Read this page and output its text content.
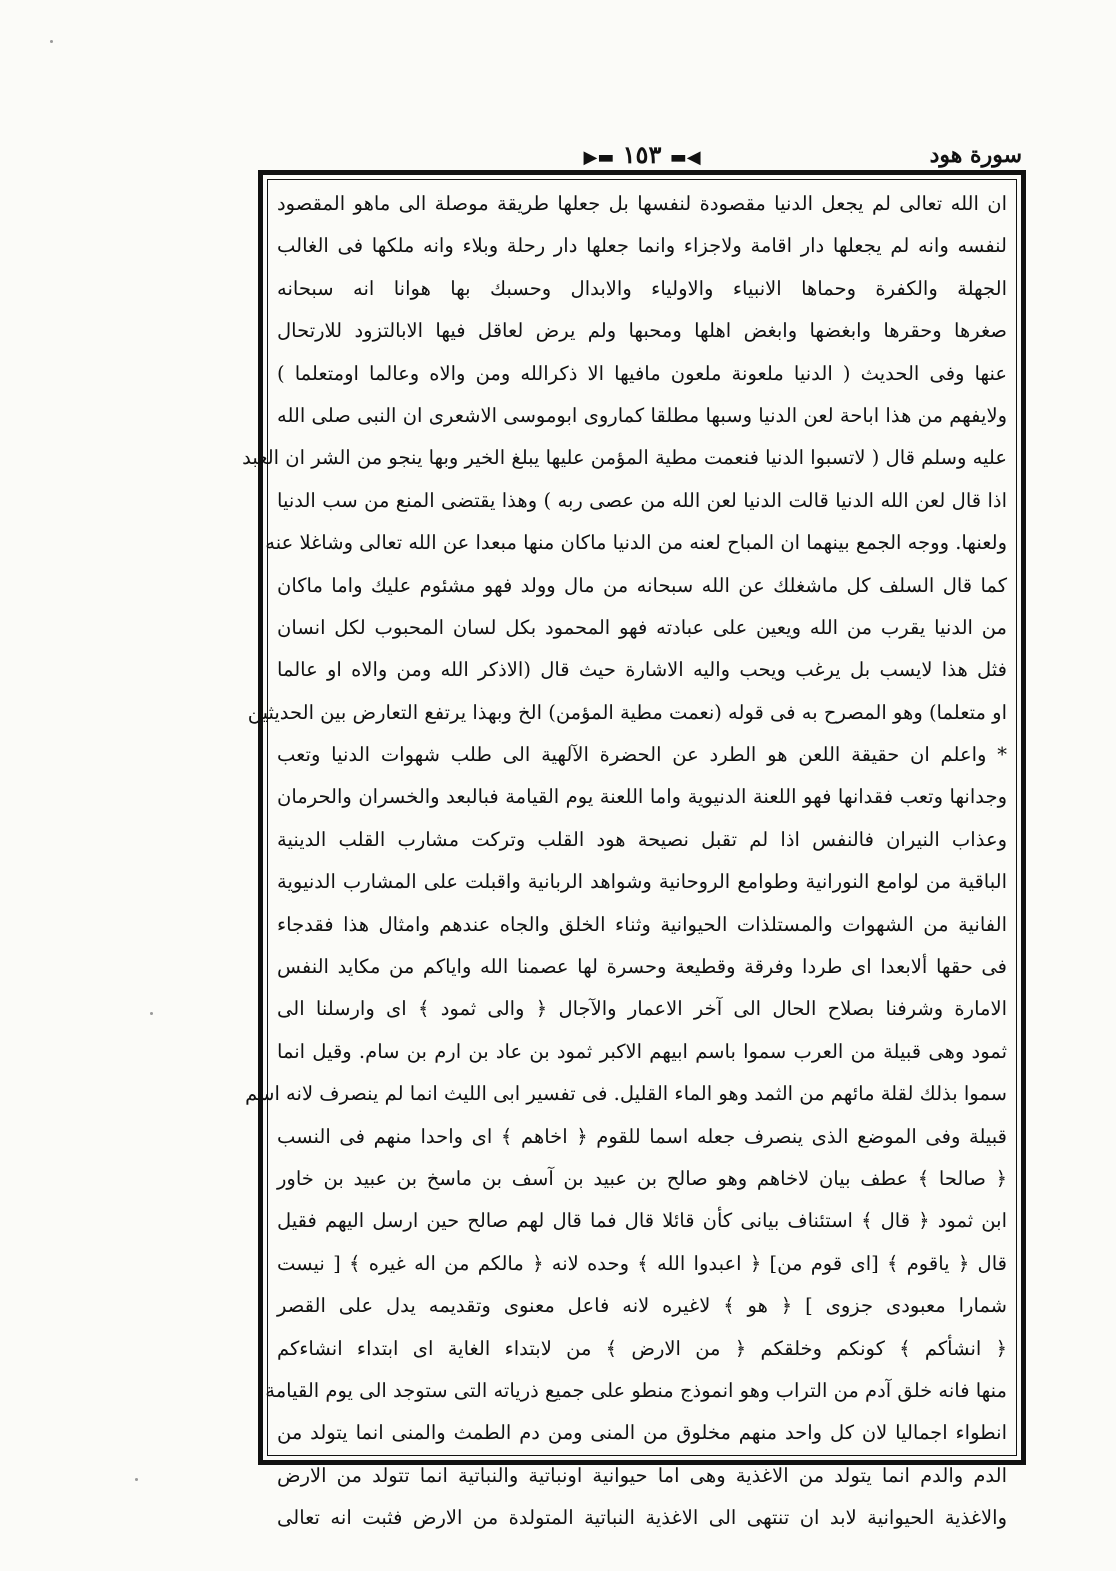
◀▬ ١٥٣ ▬▶	سورة هود
ان الله تعالى لم يجعل الدنيا مقصودة لنفسها بل جعلها طريقة موصلة الى ماهو المقصود
لنفسه وانه لم يجعلها دار اقامة ولاجزاء وانما جعلها دار رحلة وبلاء وانه ملكها فى الغالب
الجهلة والكفرة وحماها الانبياء والاولياء والابدال وحسبك بها هوانا انه سبحانه
صغرها وحقرها وابغضها وابغض اهلها ومحبها ولم يرض لعاقل فيها الابالتزود للارتحال
عنها وفى الحديث ( الدنيا ملعونة ملعون مافيها الا ذكرالله ومن والاه وعالما اومتعلما )
ولايفهم من هذا اباحة لعن الدنيا وسبها مطلقا كماروى ابوموسى الاشعرى ان النبى صلى الله
عليه وسلم قال ( لاتسبوا الدنيا فنعمت مطية المؤمن عليها يبلغ الخير وبها ينجو من الشر ان العبد
اذا قال لعن الله الدنيا قالت الدنيا لعن الله من عصى ربه ) وهذا يقتضى المنع من سب الدنيا
ولعنها. ووجه الجمع بينهما ان المباح لعنه من الدنيا ماكان منها مبعدا عن الله تعالى وشاغلا عنه
كما قال السلف كل ماشغلك عن الله سبحانه من مال وولد فهو مشئوم عليك واما ماكان
من الدنيا يقرب من الله ويعين على عبادته فهو المحمود بكل لسان المحبوب لكل انسان
فثل هذا لايسب بل يرغب ويحب واليه الاشارة حيث قال (الاذكر الله ومن والاه او عالما
او متعلما) وهو المصرح به فى قوله (نعمت مطية المؤمن) الخ وبهذا يرتفع التعارض بين الحديثين
* واعلم ان حقيقة اللعن هو الطرد عن الحضرة الآلهية الى طلب شهوات الدنيا وتعب
وجدانها وتعب فقدانها فهو اللعنة الدنيوية واما اللعنة يوم القيامة فبالبعد والخسران والحرمان
وعذاب النيران فالنفس اذا لم تقبل نصيحة هود القلب وتركت مشارب القلب الدينية
الباقية من لوامع النورانية وطوامع الروحانية وشواهد الربانية واقبلت على المشارب الدنيوية
الفانية من الشهوات والمستلذات الحيوانية وثناء الخلق والجاه عندهم وامثال هذا فقدجاء
فى حقها ألابعدا اى طردا وفرقة وقطيعة وحسرة لها عصمنا الله واياكم من مكايد النفس
الامارة وشرفنا بصلاح الحال الى آخر الاعمار والآجال ﴿ والى ثمود ﴾ اى وارسلنا الى
ثمود وهى قبيلة من العرب سموا باسم ابيهم الاكبر ثمود بن عاد بن ارم بن سام. وقيل انما
سموا بذلك لقلة مائهم من الثمد وهو الماء القليل. فى تفسير ابى الليث انما لم ينصرف لانه اسم
قبيلة وفى الموضع الذى ينصرف جعله اسما للقوم ﴿ اخاهم ﴾ اى واحدا منهم فى النسب
﴿ صالحا ﴾ عطف بيان لاخاهم وهو صالح بن عبيد بن آسف بن ماسخ بن عبيد بن خاور
ابن ثمود ﴿ قال ﴾ استئناف بيانى كأن قائلا قال فما قال لهم صالح حين ارسل اليهم فقيل
قال ﴿ ياقوم ﴾ [اى قوم من] ﴿ اعبدوا الله ﴾ وحده لانه ﴿ مالكم من اله غيره ﴾ [ نيست
شمارا معبودى جزوى ] ﴿ هو ﴾ لاغيره لانه فاعل معنوى وتقديمه يدل على القصر
﴿ انشأكم ﴾ كونكم وخلقكم ﴿ من الارض ﴾ من لابتداء الغاية اى ابتداء انشاءكم
منها فانه خلق آدم من التراب وهو انموذج منطو على جميع ذرياته التى ستوجد الى يوم القيامة
انطواء اجماليا لان كل واحد منهم مخلوق من المنى ومن دم الطمث والمنى انما يتولد من
الدم والدم انما يتولد من الاغذية وهى اما حيوانية اونباتية والنباتية انما تتولد من الارض
والاغذية الحيوانية لابد ان تنتهى الى الاغذية النباتية المتولدة من الارض فثبت انه تعالى
